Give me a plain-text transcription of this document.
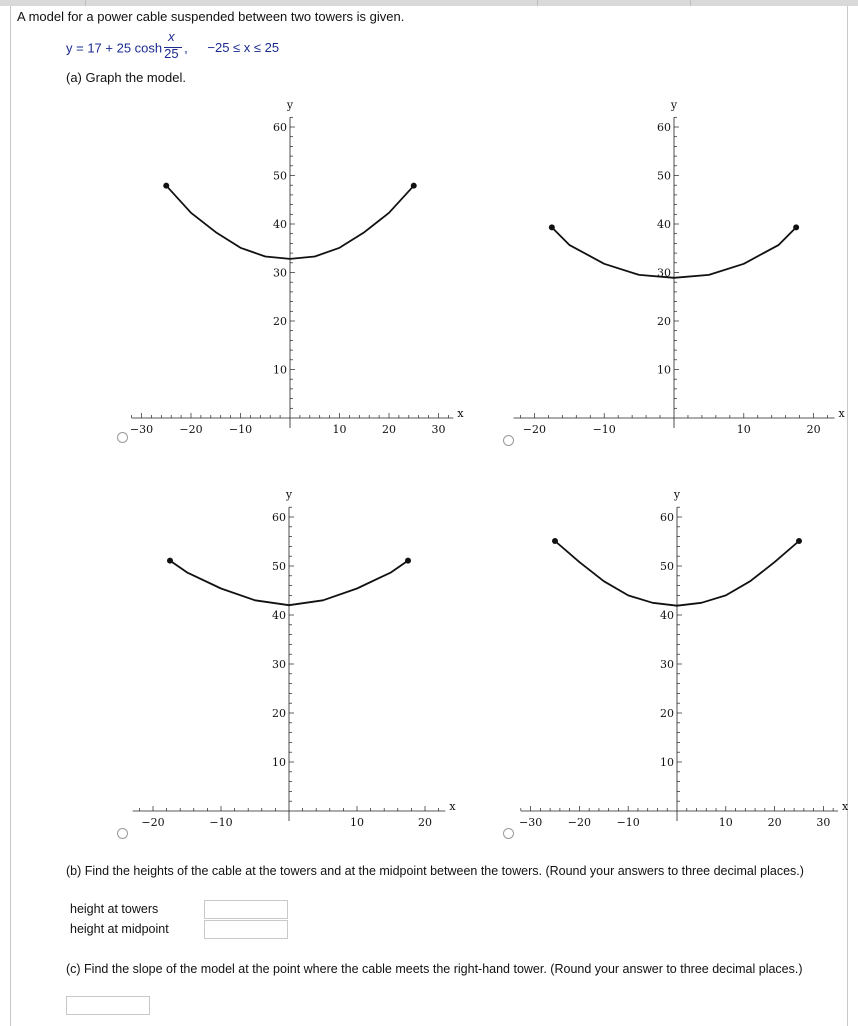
A model for a power cable suspended between two towers is given.
y = 17 + 25 $\cosh \frac{x}{25}$ , −25 ≤ x ≤ 25
(a) Graph the model.
−30 −20 −10	10	20	30
10
20
30
40
50
60
x
y
−20	−10	10	20
10
20
30
40
50
60
x
y
−20	−10	10	20
10
20
30
40
50
60
x
y
−30 −20 −10	10	20	30
10
20
30
40
50
60
x
y
(b) Find the heights of the cable at the towers and at the midpoint between the towers. (Round your answers to three decimal places.)
height at towers
height at midpoint
(c) Find the slope of the model at the point where the cable meets the right-hand tower. (Round your answer to three decimal places.)
